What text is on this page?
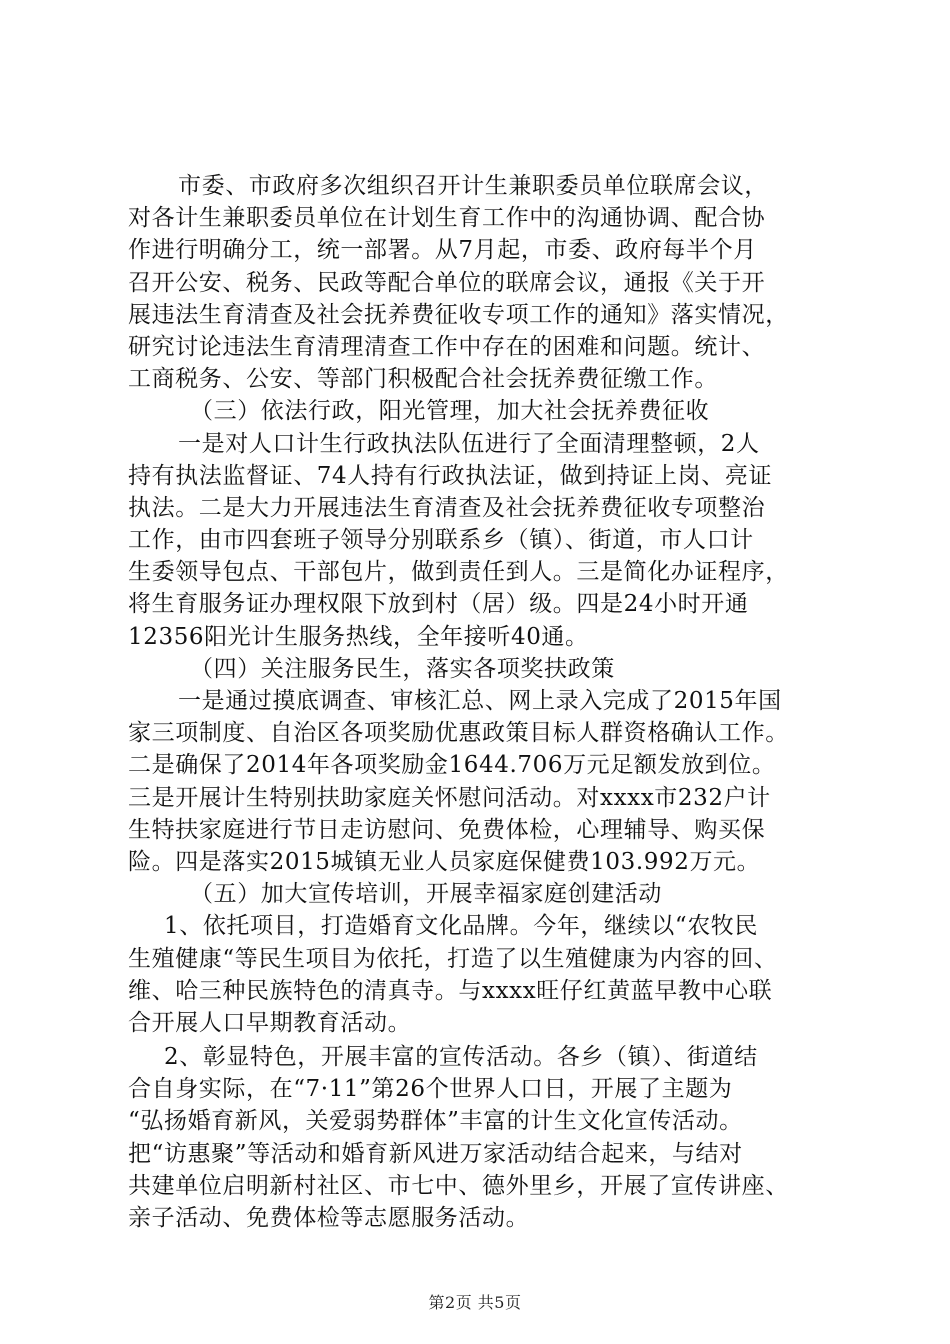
市委、市政府多次组织召开计生兼职委员单位联席会议，
对各计生兼职委员单位在计划生育工作中的沟通协调、配合协
作进行明确分工，统一部署。从7月起，市委、政府每半个月
召开公安、税务、民政等配合单位的联席会议，通报《关于开
展违法生育清查及社会抚养费征收专项工作的通知》落实情况，
研究讨论违法生育清理清查工作中存在的困难和问题。统计、
工商税务、公安、等部门积极配合社会抚养费征缴工作。
（三）依法行政，阳光管理，加大社会抚养费征收
一是对人口计生行政执法队伍进行了全面清理整顿，2人
持有执法监督证、74人持有行政执法证，做到持证上岗、亮证
执法。二是大力开展违法生育清查及社会抚养费征收专项整治
工作，由市四套班子领导分别联系乡（镇）、街道，市人口计
生委领导包点、干部包片，做到责任到人。三是简化办证程序，
将生育服务证办理权限下放到村（居）级。四是24小时开通
12356阳光计生服务热线，全年接听40通。
（四）关注服务民生，落实各项奖扶政策
一是通过摸底调查、审核汇总、网上录入完成了2015年国
家三项制度、自治区各项奖励优惠政策目标人群资格确认工作。
二是确保了2014年各项奖励金1644.706万元足额发放到位。
三是开展计生特别扶助家庭关怀慰问活动。对xxxx市232户计
生特扶家庭进行节日走访慰问、免费体检，心理辅导、购买保
险。四是落实2015城镇无业人员家庭保健费103.992万元。
（五）加大宣传培训，开展幸福家庭创建活动
1、依托项目，打造婚育文化品牌。今年，继续以“农牧民
生殖健康“等民生项目为依托，打造了以生殖健康为内容的回、
维、哈三种民族特色的清真寺。与xxxx旺仔红黄蓝早教中心联
合开展人口早期教育活动。
2、彰显特色，开展丰富的宣传活动。各乡（镇）、街道结
合自身实际，在“7·11”第26个世界人口日，开展了主题为
“弘扬婚育新风，关爱弱势群体”丰富的计生文化宣传活动。
把“访惠聚”等活动和婚育新风进万家活动结合起来，与结对
共建单位启明新村社区、市七中、德外里乡，开展了宣传讲座、
亲子活动、免费体检等志愿服务活动。
第2页 共5页
